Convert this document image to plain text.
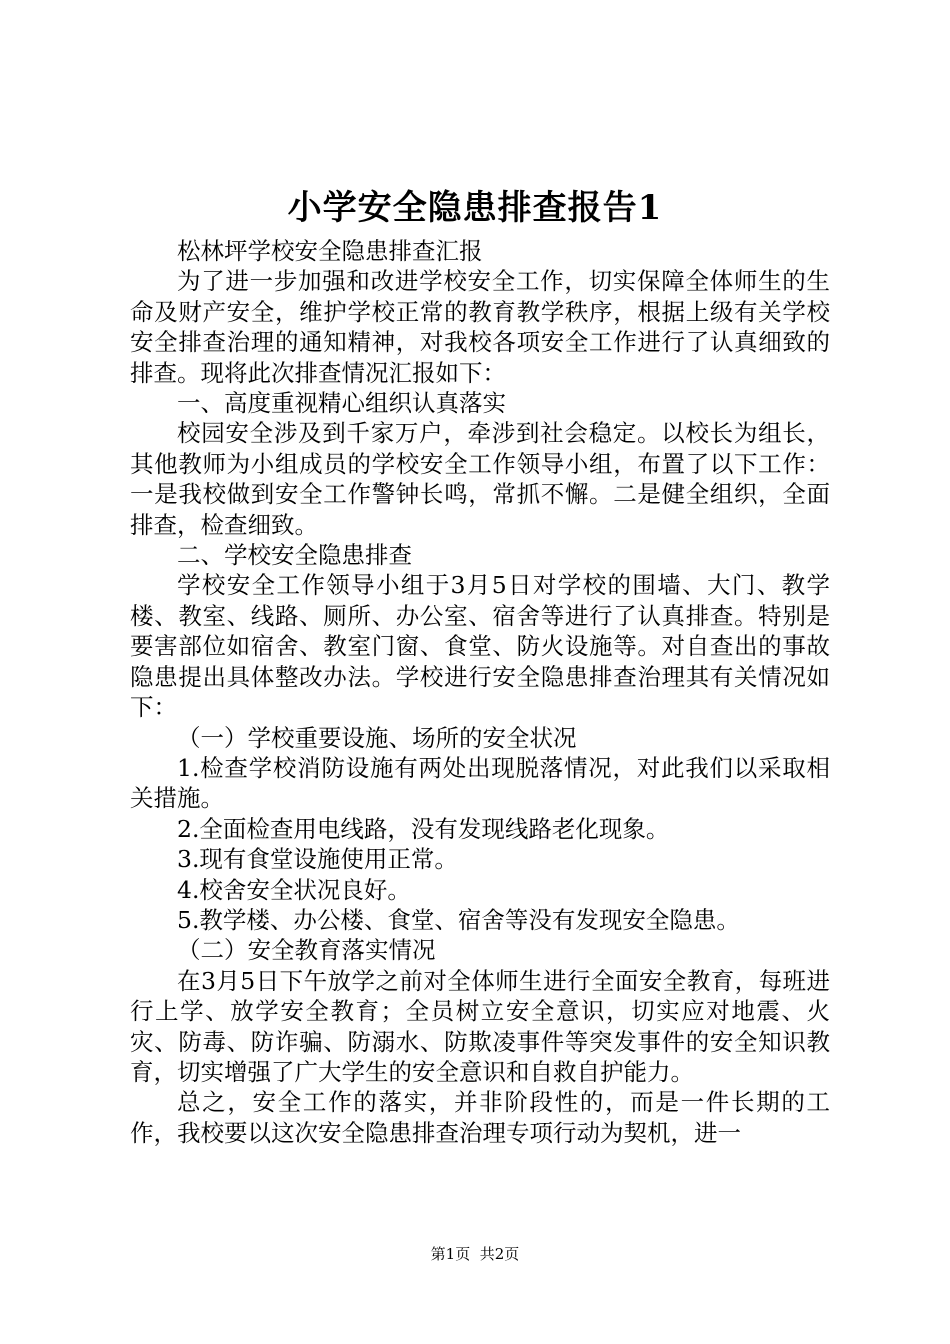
小学安全隐患排查报告1

松林坪学校安全隐患排查汇报

为了进一步加强和改进学校安全工作，切实保障全体师生的生命及财产安全，维护学校正常的教育教学秩序，根据上级有关学校安全排查治理的通知精神，对我校各项安全工作进行了认真细致的排查。现将此次排查情况汇报如下：

一、高度重视精心组织认真落实

校园安全涉及到千家万户，牵涉到社会稳定。以校长为组长，其他教师为小组成员的学校安全工作领导小组，布置了以下工作：一是我校做到安全工作警钟长鸣，常抓不懈。二是健全组织，全面排查，检查细致。

二、学校安全隐患排查

学校安全工作领导小组于3月5日对学校的围墙、大门、教学楼、教室、线路、厕所、办公室、宿舍等进行了认真排查。特别是要害部位如宿舍、教室门窗、食堂、防火设施等。对自查出的事故隐患提出具体整改办法。学校进行安全隐患排查治理其有关情况如下：

（一）学校重要设施、场所的安全状况

1.检查学校消防设施有两处出现脱落情况，对此我们以采取相关措施。

2.全面检查用电线路，没有发现线路老化现象。

3.现有食堂设施使用正常。

4.校舍安全状况良好。

5.教学楼、办公楼、食堂、宿舍等没有发现安全隐患。

（二）安全教育落实情况

在3月5日下午放学之前对全体师生进行全面安全教育，每班进行上学、放学安全教育；全员树立安全意识，切实应对地震、火灾、防毒、防诈骗、防溺水、防欺凌事件等突发事件的安全知识教育，切实增强了广大学生的安全意识和自救自护能力。

总之，安全工作的落实，并非阶段性的，而是一件长期的工作，我校要以这次安全隐患排查治理专项行动为契机，进一

第1页 共2页
